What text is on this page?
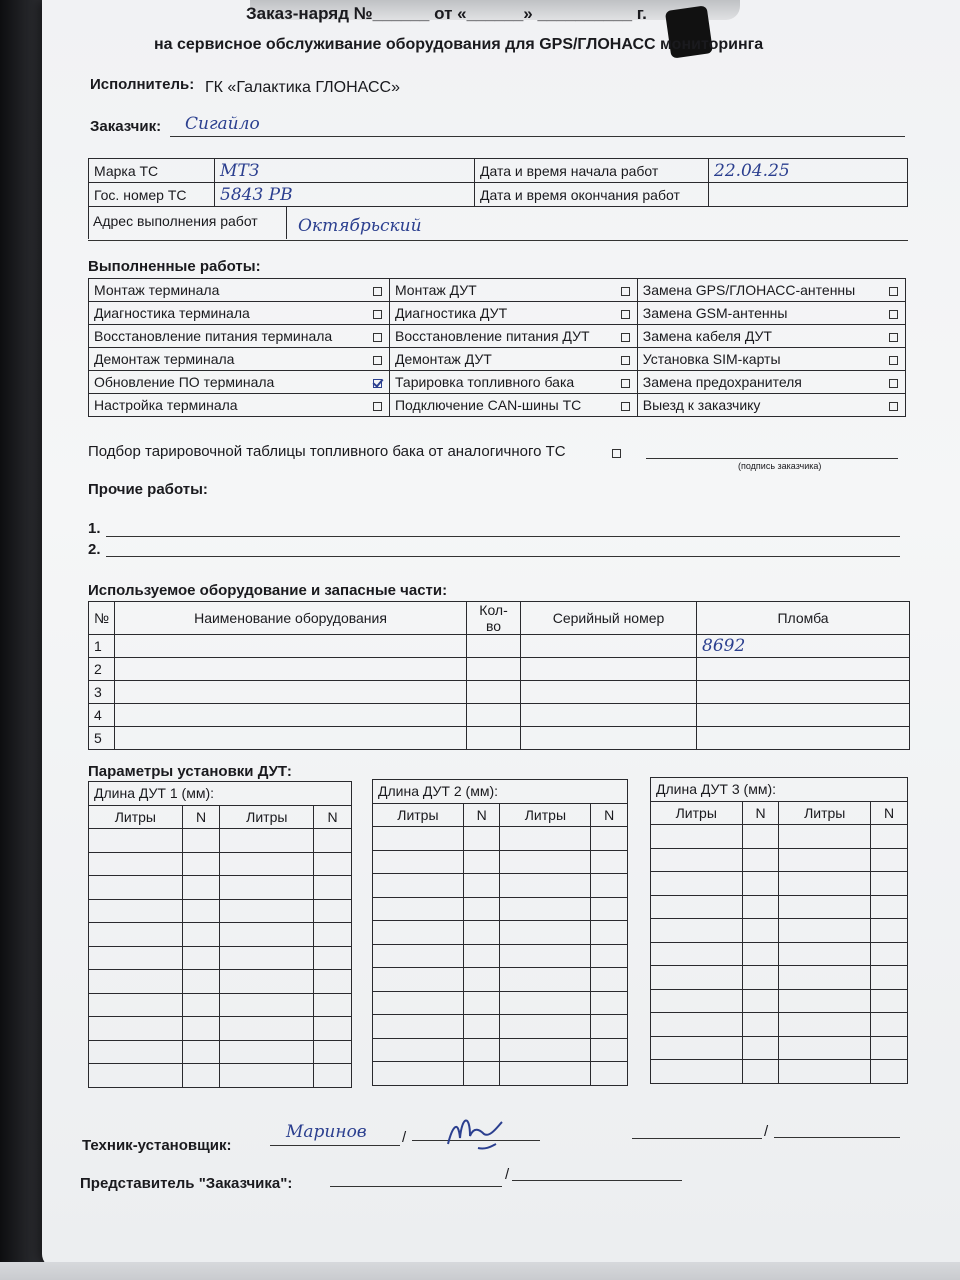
Заказ-наряд №______ от «______» __________ г.
на сервисное обслуживание оборудования для GPS/ГЛОНАСС мониторинга
Исполнитель: ГК «Галактика ГЛОНАСС»
Заказчик: Сигайло
Марка ТС	МТЗ	Дата и время начала работ	22.04.25
Гос. номер ТС	5843 РВ	Дата и время окончания работ	
Адрес выполнения работ Октябрьский
Выполненные работы:
Монтаж терминала		Монтаж ДУТ		Замена GPS/ГЛОНАСС-антенны	
Диагностика терминала		Диагностика ДУТ		Замена GSM-антенны	
Восстановление питания терминала		Восстановление питания ДУТ		Замена кабеля ДУТ	
Демонтаж терминала		Демонтаж ДУТ		Установка SIM-карты	
Обновление ПО терминала		Тарировка топливного бака		Замена предохранителя	
Настройка терминала		Подключение CAN-шины ТС		Выезд к заказчику	
Подбор тарировочной таблицы топливного бака от аналогичного ТС
(подпись заказчика)
Прочие работы:
1.
2.
Используемое оборудование и запасные части:
№	Наименование оборудования	Кол-во	Серийный номер	Пломба
1				8692
2				
3				
4				
5				
Параметры установки ДУТ:
Длина ДУТ 1 (мм):			
Литры	N	Литры	N

Длина ДУТ 2 (мм):			
Литры	N	Литры	N

Длина ДУТ 3 (мм):			
Литры	N	Литры	N

Техник-установщик:
Маринов /	/
Представитель "Заказчика":
/
